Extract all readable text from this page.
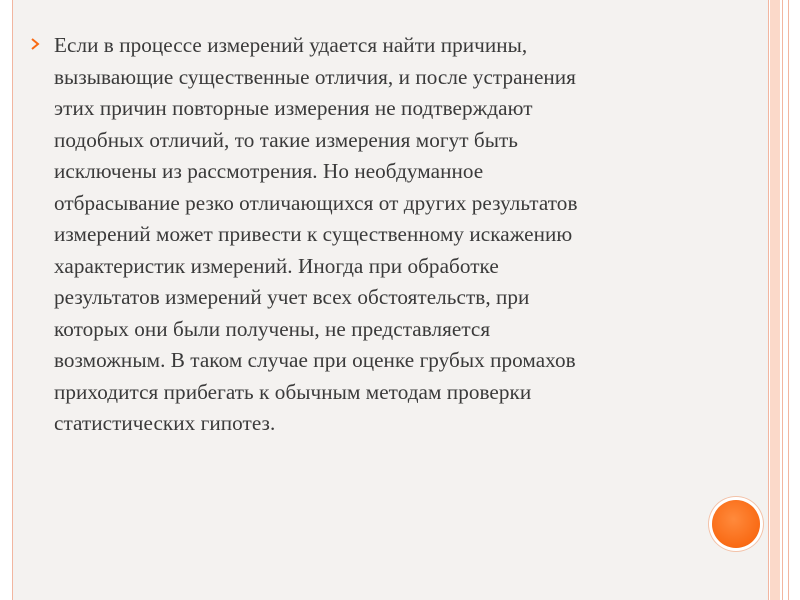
Если в процессе измерений удается найти причины,
вызывающие существенные отличия, и после устранения
этих причин повторные измерения не подтверждают
подобных отличий, то такие измерения могут быть
исключены из рассмотрения. Но необдуманное
отбрасывание резко отличающихся от других результатов
измерений может привести к существенному искажению
характеристик измерений. Иногда при обработке
результатов измерений учет всех обстоятельств, при
которых они были получены, не представляется
возможным. В таком случае при оценке грубых промахов
приходится прибегать к обычным методам проверки
статистических гипотез.
